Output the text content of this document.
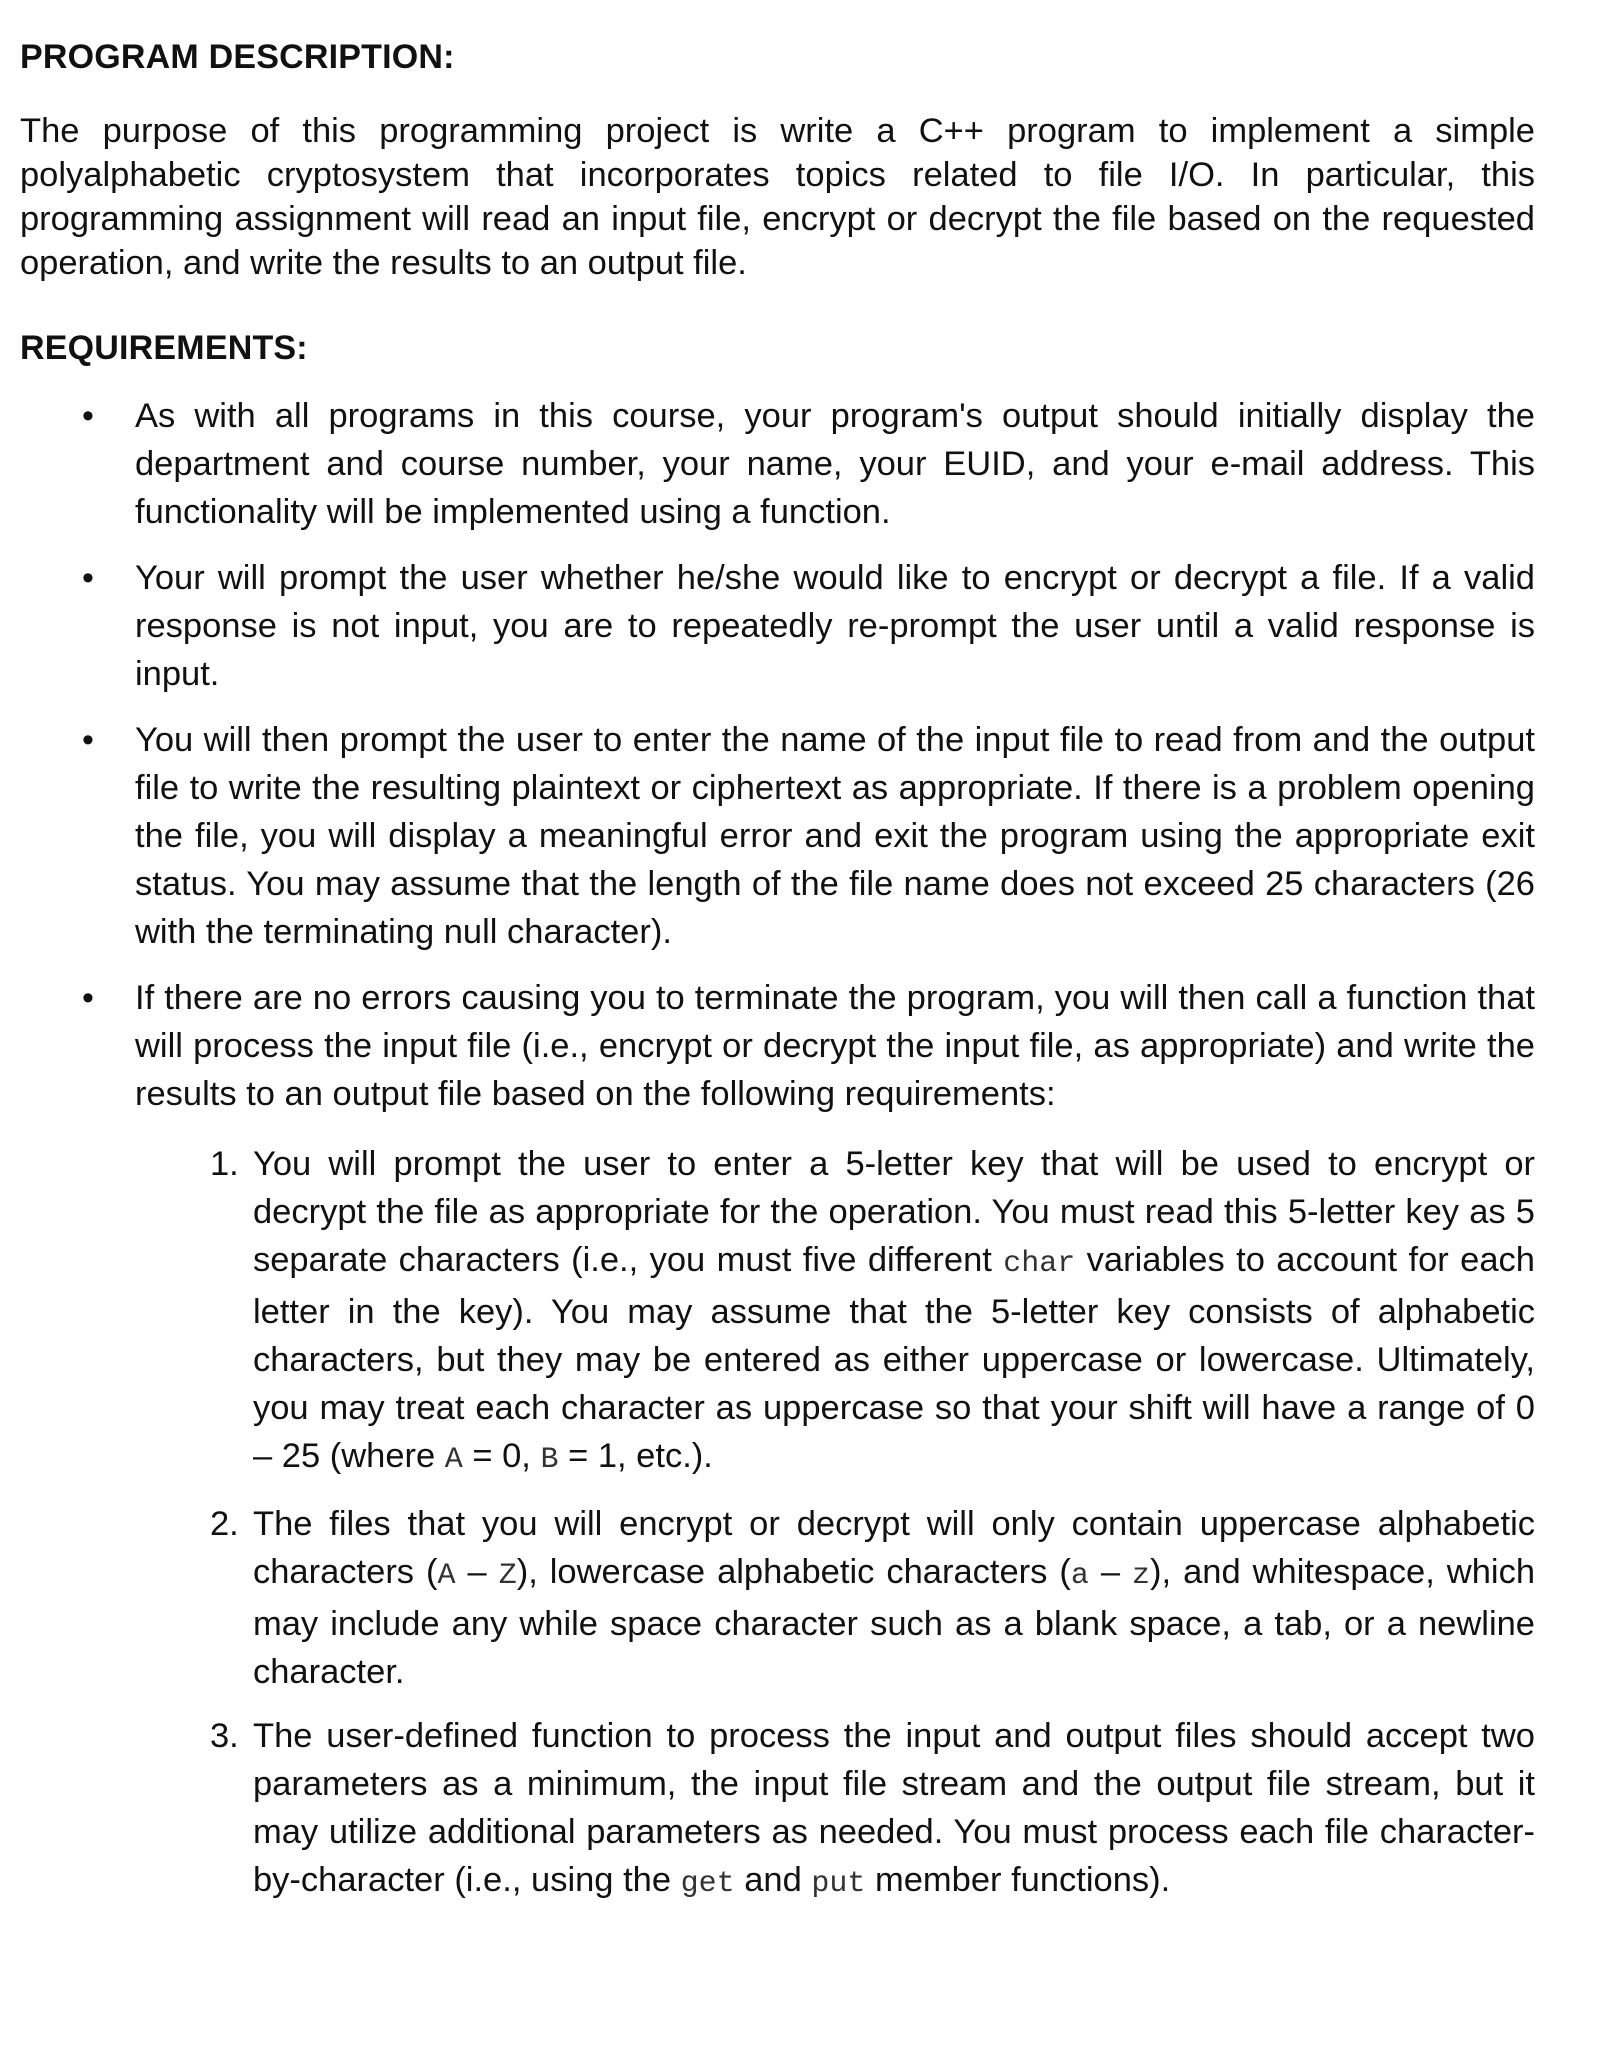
PROGRAM DESCRIPTION:

The purpose of this programming project is write a C++ program to implement a simple polyalphabetic cryptosystem that incorporates topics related to file I/O. In particular, this programming assignment will read an input file, encrypt or decrypt the file based on the requested operation, and write the results to an output file.

REQUIREMENTS:
• As with all programs in this course, your program's output should initially display the department and course number, your name, your EUID, and your e-mail address. This functionality will be implemented using a function.
• Your will prompt the user whether he/she would like to encrypt or decrypt a file. If a valid response is not input, you are to repeatedly re-prompt the user until a valid response is input.
• You will then prompt the user to enter the name of the input file to read from and the output file to write the resulting plaintext or ciphertext as appropriate. If there is a problem opening the file, you will display a meaningful error and exit the program using the appropriate exit status. You may assume that the length of the file name does not exceed 25 characters (26 with the terminating null character).
• If there are no errors causing you to terminate the program, you will then call a function that will process the input file (i.e., encrypt or decrypt the input file, as appropriate) and write the results to an output file based on the following requirements:
1. You will prompt the user to enter a 5-letter key that will be used to encrypt or decrypt the file as appropriate for the operation. You must read this 5-letter key as 5 separate characters (i.e., you must five different char variables to account for each letter in the key). You may assume that the 5-letter key consists of alphabetic characters, but they may be entered as either uppercase or lowercase. Ultimately, you may treat each character as uppercase so that your shift will have a range of 0 – 25 (where A = 0, B = 1, etc.).
2. The files that you will encrypt or decrypt will only contain uppercase alphabetic characters (A – Z), lowercase alphabetic characters (a – z), and whitespace, which may include any while space character such as a blank space, a tab, or a newline character.
3. The user-defined function to process the input and output files should accept two parameters as a minimum, the input file stream and the output file stream, but it may utilize additional parameters as needed. You must process each file character-by-character (i.e., using the get and put member functions).
